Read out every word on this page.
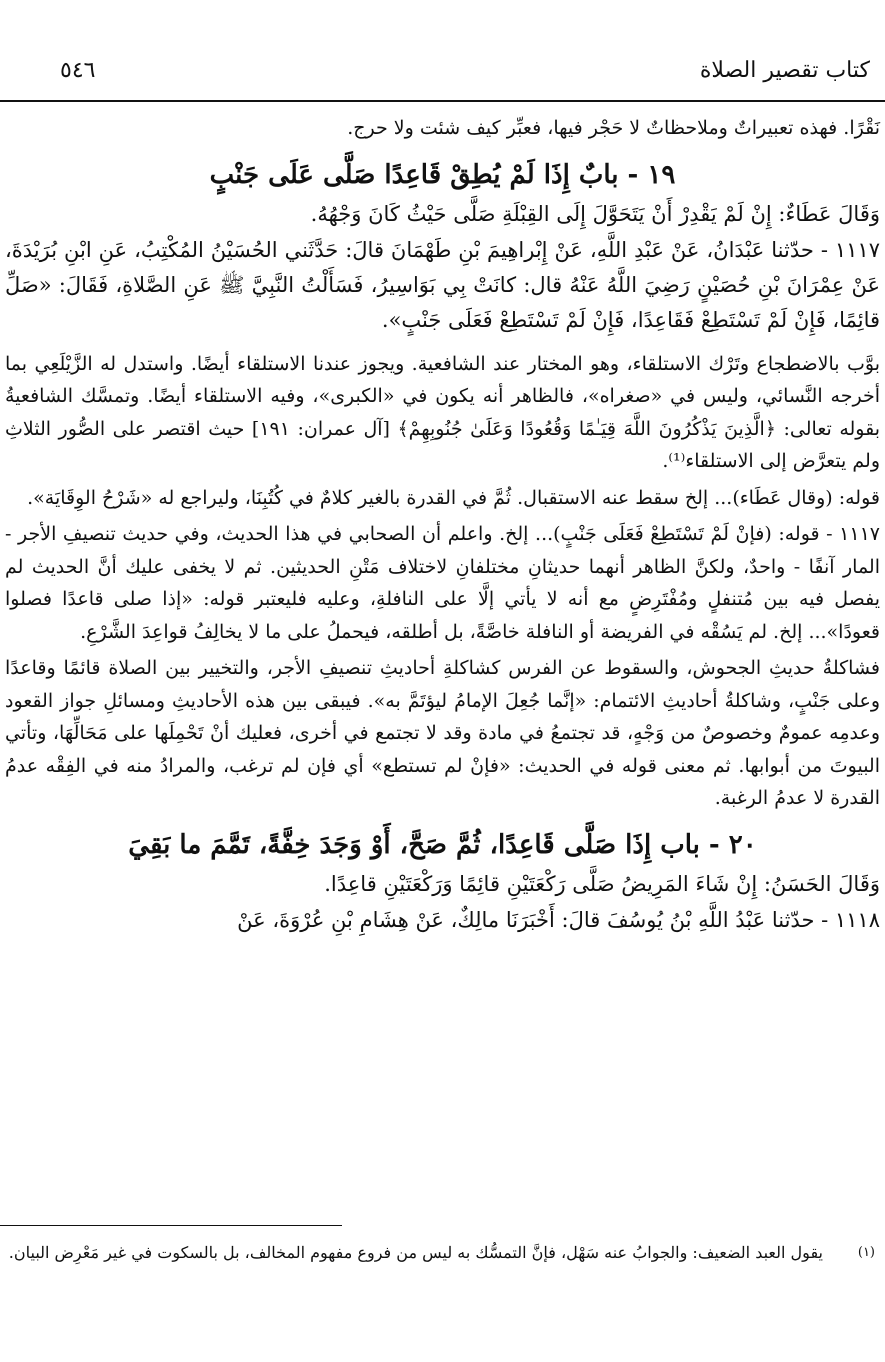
كتاب تقصير الصلاة
٥٤٦

نَقْرًا. فهذه تعبيراتٌ وملاحظاتٌ لا حَجْر فيها، فعبِّر كيف شئت ولا حرج.

١٩ - بابٌ إِذَا لَمْ يُطِقْ قَاعِدًا صَلَّى عَلَى جَنْبٍ

وَقَالَ عَطَاءٌ: إِنْ لَمْ يَقْدِرْ أَنْ يَتَحَوَّلَ إِلَى القِبْلَةِ صَلَّى حَيْثُ كَانَ وَجْهُهُ.

١١١٧ - حدّثنا عَبْدَانُ، عَنْ عَبْدِ اللَّهِ، عَنْ إِبْراهِيمَ بْنِ طَهْمَانَ قالَ: حَدَّثَني الحُسَيْنُ المُكْتِبُ، عَنِ ابْنِ بُرَيْدَةَ، عَنْ عِمْرَانَ بْنِ حُصَيْنٍ رَضِيَ اللَّهُ عَنْهُ قال: كانَتْ بِي بَوَاسِيرُ، فَسَأَلْتُ النَّبِيَّ ﷺ عَنِ الصَّلاةِ، فَقَالَ: «صَلِّ قائِمًا، فَإِنْ لَمْ تَسْتَطِعْ فَقَاعِدًا، فَإِنْ لَمْ تَسْتَطِعْ فَعَلَى جَنْبٍ».

بوَّب بالاضطجاع وتَرْك الاستلقاء، وهو المختار عند الشافعية. ويجوز عندنا الاستلقاء أيضًا. واستدل له الزَّيْلَعِي بما أخرجه النَّسائي، وليس في «صغراه»، فالظاهر أنه يكون في «الكبرى»، وفيه الاستلقاء أيضًا. وتمسَّك الشافعيةُ بقوله تعالى: ﴿الَّذِينَ يَذْكُرُونَ اللَّهَ قِيَـٰمًا وَقُعُودًا وَعَلَىٰ جُنُوبِهِمْ﴾ [آل عمران: ١٩١] حيث اقتصر على الصُّور الثلاثِ ولم يتعرَّض إلى الاستلقاء⁽¹⁾.

قوله: (وقال عَطَاء)... إلخ سقط عنه الاستقبال. ثُمَّ في القدرة بالغير كلامٌ في كُتُبِنَا، وليراجع له «شَرْحُ الوِقَايَة».

١١١٧ - قوله: (فإنْ لَمْ تَسْتَطِعْ فَعَلَى جَنْبٍ)... إلخ. واعلم أن الصحابي في هذا الحديث، وفي حديث تنصيفِ الأجر - المار آنفًا - واحدٌ، ولكنَّ الظاهر أنهما حديثانِ مختلفانِ لاختلاف مَتْنِ الحديثين. ثم لا يخفى عليك أنَّ الحديث لم يفصل فيه بين مُتنفلٍ ومُفْتَرِضٍ مع أنه لا يأتي إلَّا على النافلةِ، وعليه فليعتبر قوله: «إذا صلى قاعدًا فصلوا قعودًا»... إلخ. لم يَسُقْه في الفريضة أو النافلة خاصَّةً، بل أطلقه، فيحملُ على ما لا يخالِفُ قواعِدَ الشَّرْعِ.

فشاكلةُ حديثِ الجحوش، والسقوط عن الفرس كشاكلةِ أحاديثِ تنصيفِ الأجر، والتخيير بين الصلاة قائمًا وقاعدًا وعلى جَنْبٍ، وشاكلةُ أحاديثِ الائتمام: «إنَّما جُعِلَ الإمامُ ليؤتَمَّ به». فيبقى بين هذه الأحاديثِ ومسائلِ جواز القعود وعدمِه عمومٌ وخصوصٌ من وَجْهٍ، قد تجتمعُ في مادة وقد لا تجتمع في أخرى، فعليك أنْ تَحْمِلَها على مَحَالِّهَا، وتأتي البيوتَ من أبوابها. ثم معنى قوله في الحديث: «فإنْ لم تستطع» أي فإن لم ترغب، والمرادُ منه في الفِقْه عدمُ القدرة لا عدمُ الرغبة.

٢٠ - باب إِذَا صَلَّى قَاعِدًا، ثُمَّ صَحَّ، أَوْ وَجَدَ خِفَّةً، تَمَّمَ ما بَقِيَ

وَقَالَ الحَسَنُ: إِنْ شَاءَ المَرِيضُ صَلَّى رَكْعَتَيْنِ قائِمًا وَرَكْعَتَيْنِ قاعِدًا.

١١١٨ - حدّثنا عَبْدُ اللَّهِ بْنُ يُوسُفَ قالَ: أَخْبَرَنَا مالِكٌ، عَنْ هِشَامِ بْنِ عُرْوَةَ، عَنْ

(١)

يقول العبد الضعيف: والجوابُ عنه سَهْل، فإنَّ التمسُّك به ليس من فروع مفهوم المخالف، بل بالسكوت في غير مَعْرِض البيان.
